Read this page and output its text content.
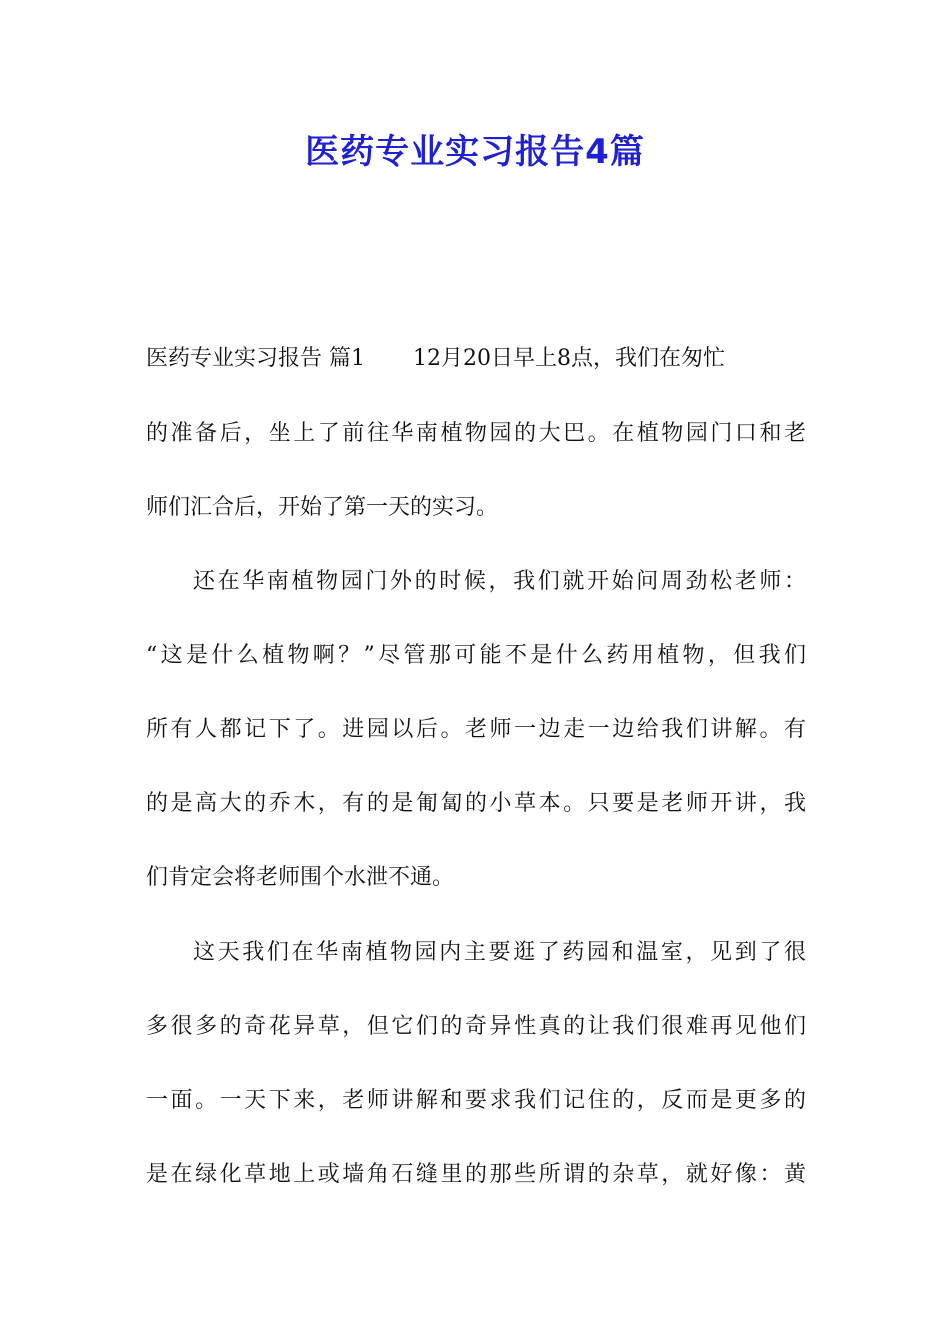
医药专业实习报告4篇

医药专业实习报告 篇1 12月20日早上8点，我们在匆忙

的准备后，坐上了前往华南植物园的大巴。在植物园门口和老

师们汇合后，开始了第一天的实习。

还在华南植物园门外的时候，我们就开始问周劲松老师：

“这是什么植物啊？”尽管那可能不是什么药用植物，但我们

所有人都记下了。进园以后。老师一边走一边给我们讲解。有

的是高大的乔木，有的是匍匐的小草本。只要是老师开讲，我

们肯定会将老师围个水泄不通。

这天我们在华南植物园内主要逛了药园和温室，见到了很

多很多的奇花异草，但它们的奇异性真的让我们很难再见他们

一面。一天下来，老师讲解和要求我们记住的，反而是更多的

是在绿化草地上或墙角石缝里的那些所谓的杂草，就好像：黄
